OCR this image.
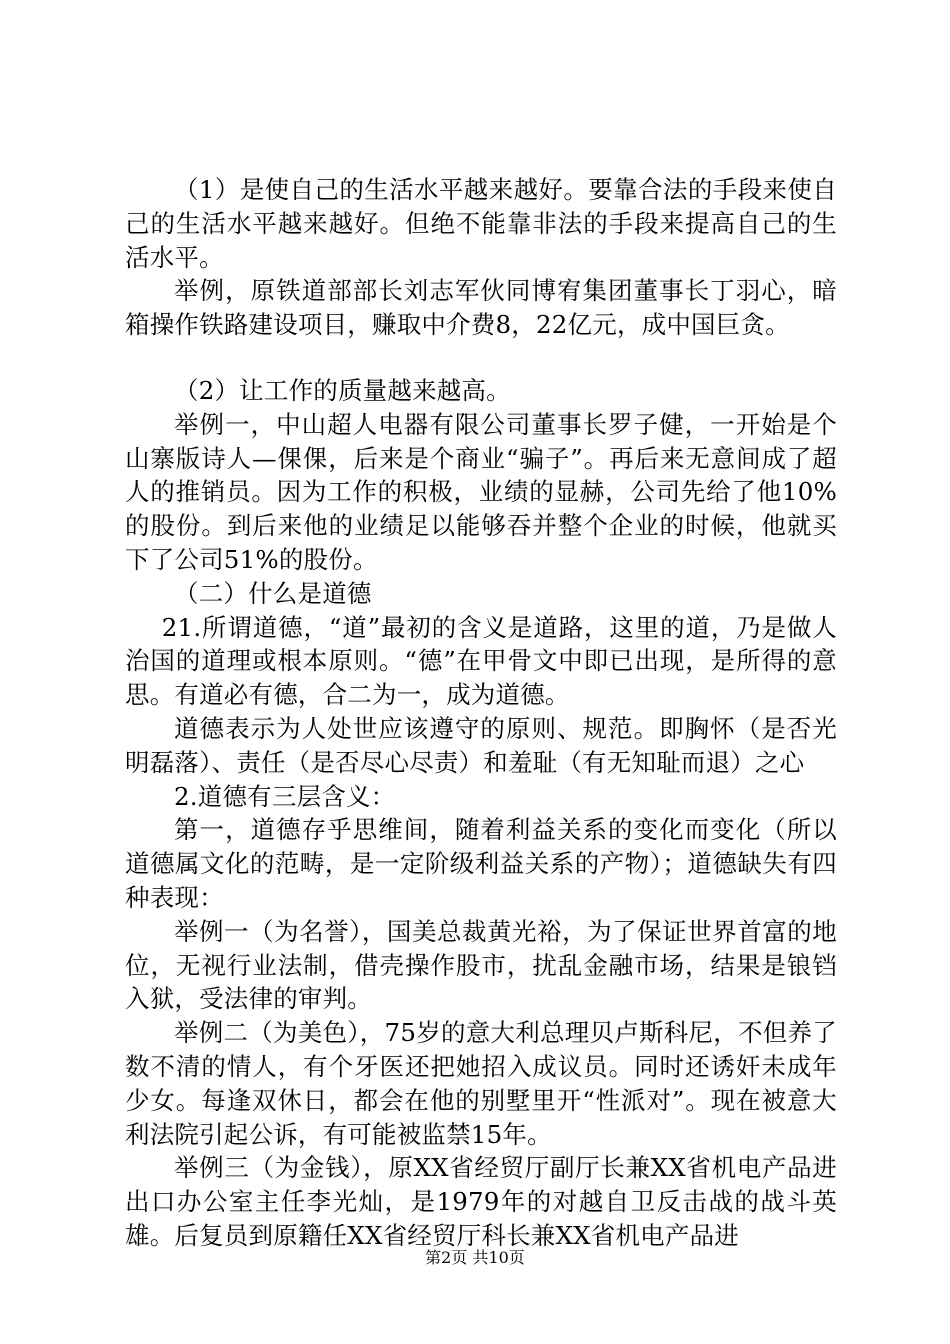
（1）是使自己的生活水平越来越好。要靠合法的手段来使自己的生活水平越来越好。但绝不能靠非法的手段来提高自己的生活水平。

举例，原铁道部部长刘志军伙同博宥集团董事长丁羽心，暗箱操作铁路建设项目，赚取中介费8，22亿元，成中国巨贪。

（2）让工作的质量越来越高。

举例一，中山超人电器有限公司董事长罗子健，一开始是个山寨版诗人—倮倮，后来是个商业“骗子”。再后来无意间成了超人的推销员。因为工作的积极，业绩的显赫，公司先给了他10%的股份。到后来他的业绩足以能够吞并整个企业的时候，他就买下了公司51%的股份。

（二）什么是道德

21.所谓道德，“道”最初的含义是道路，这里的道，乃是做人治国的道理或根本原则。“德”在甲骨文中即已出现，是所得的意思。有道必有德，合二为一，成为道德。

道德表示为人处世应该遵守的原则、规范。即胸怀（是否光明磊落）、责任（是否尽心尽责）和羞耻（有无知耻而退）之心

2.道德有三层含义：

第一，道德存乎思维间，随着利益关系的变化而变化（所以道德属文化的范畴，是一定阶级利益关系的产物）；道德缺失有四种表现：

举例一（为名誉），国美总裁黄光裕，为了保证世界首富的地位，无视行业法制，借壳操作股市，扰乱金融市场，结果是锒铛入狱，受法律的审判。

举例二（为美色），75岁的意大利总理贝卢斯科尼，不但养了数不清的情人，有个牙医还把她招入成议员。同时还诱奸未成年少女。每逢双休日，都会在他的别墅里开“性派对”。现在被意大利法院引起公诉，有可能被监禁15年。

举例三（为金钱），原XX省经贸厅副厅长兼XX省机电产品进出口办公室主任李光灿，是1979年的对越自卫反击战的战斗英雄。后复员到原籍任XX省经贸厅科长兼XX省机电产品进

第2页 共10页
